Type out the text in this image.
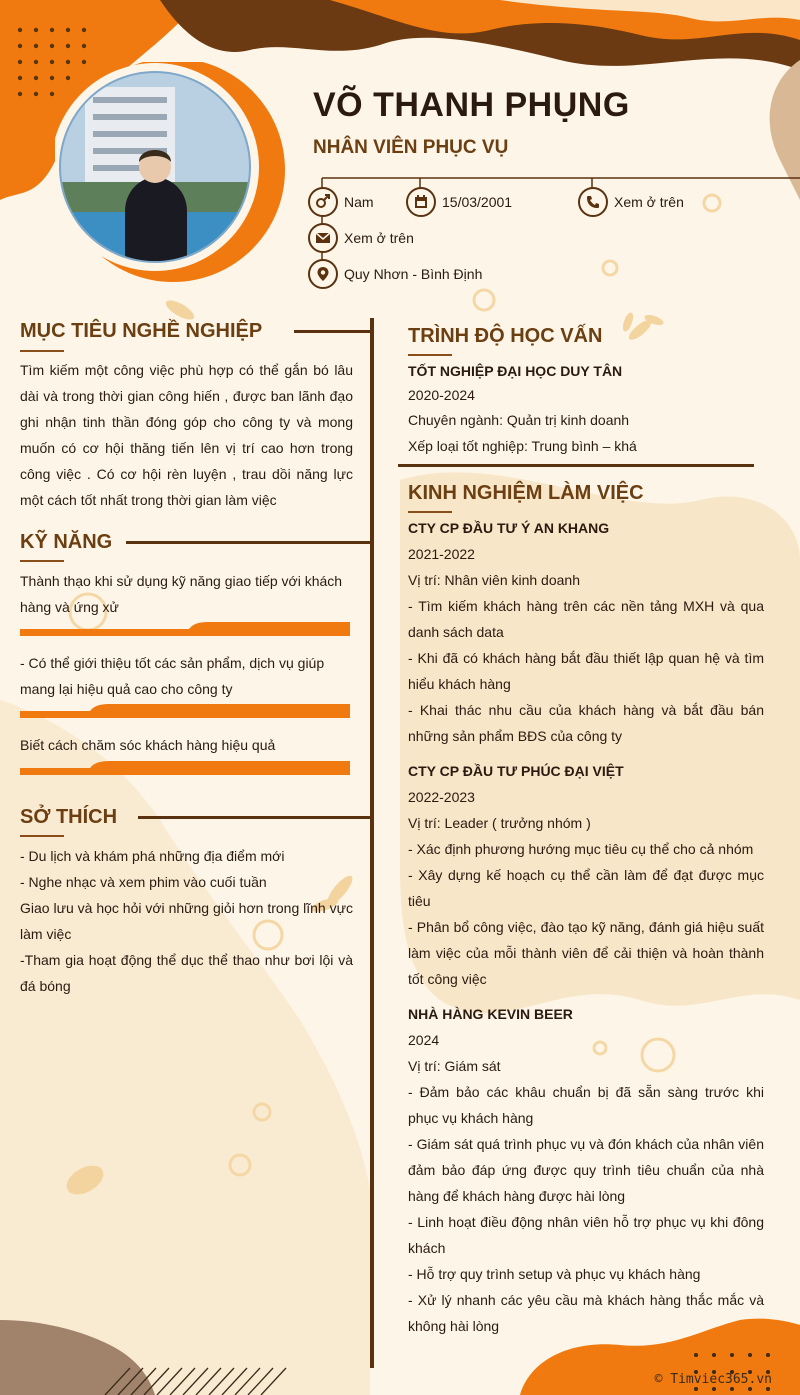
VÕ THANH PHỤNG
NHÂN VIÊN PHỤC VỤ
Nam	15/03/2001	Xem ở trên
Xem ở trên
Quy Nhơn - Bình Định
MỤC TIÊU NGHỀ NGHIỆP
Tìm kiếm một công việc phù hợp có thể gắn bó lâu dài và trong thời gian công hiến , được ban lãnh đạo ghi nhận tinh thần đóng góp cho công ty và mong muốn có cơ hội thăng tiến lên vị trí cao hơn trong công việc . Có cơ hội rèn luyện , trau dồi năng lực một cách tốt nhất trong thời gian làm việc
KỸ NĂNG
Thành thạo khi sử dụng kỹ năng giao tiếp với khách hàng và ứng xử
- Có thể giới thiệu tốt các sản phẩm, dịch vụ giúp mang lại hiệu quả cao cho công ty
Biết cách chăm sóc khách hàng hiệu quả
SỞ THÍCH
- Du lịch và khám phá những địa điểm mới
- Nghe nhạc và xem phim vào cuối tuần
Giao lưu và học hỏi với những giỏi hơn trong lĩnh vực làm việc
-Tham gia hoạt động thể dục thể thao như bơi lội và đá bóng
TRÌNH ĐỘ HỌC VẤN
TỐT NGHIỆP ĐẠI HỌC DUY TÂN
2020-2024
Chuyên ngành: Quản trị kinh doanh
Xếp loại tốt nghiệp: Trung bình – khá
KINH NGHIỆM LÀM VIỆC
CTY CP ĐẦU TƯ Ý AN KHANG
2021-2022
Vị trí: Nhân viên kinh doanh
- Tìm kiếm khách hàng trên các nền tảng MXH và qua danh sách data
- Khi đã có khách hàng bắt đầu thiết lập quan hệ và tìm hiểu khách hàng
- Khai thác nhu cầu của khách hàng và bắt đầu bán những sản phẩm BĐS của công ty
CTY CP ĐẦU TƯ PHÚC ĐẠI VIỆT
2022-2023
Vị trí: Leader ( trưởng nhóm )
- Xác định phương hướng mục tiêu cụ thể cho cả nhóm
- Xây dựng kế hoạch cụ thể cần làm để đạt được mục tiêu
- Phân bổ công việc, đào tạo kỹ năng, đánh giá hiệu suất làm việc của mỗi thành viên để cải thiện và hoàn thành tốt công việc
NHÀ HÀNG KEVIN BEER
2024
Vị trí: Giám sát
- Đảm bảo các khâu chuẩn bị đã sẵn sàng trước khi phục vụ khách hàng
- Giám sát quá trình phục vụ và đón khách của nhân viên đảm bảo đáp ứng được quy trình tiêu chuẩn của nhà hàng để khách hàng được hài lòng
- Linh hoạt điều động nhân viên hỗ trợ phục vụ khi đông khách
- Hỗ trợ quy trình setup và phục vụ khách hàng
- Xử lý nhanh các yêu cầu mà khách hàng thắc mắc và không hài lòng
© Timviec365.vn
